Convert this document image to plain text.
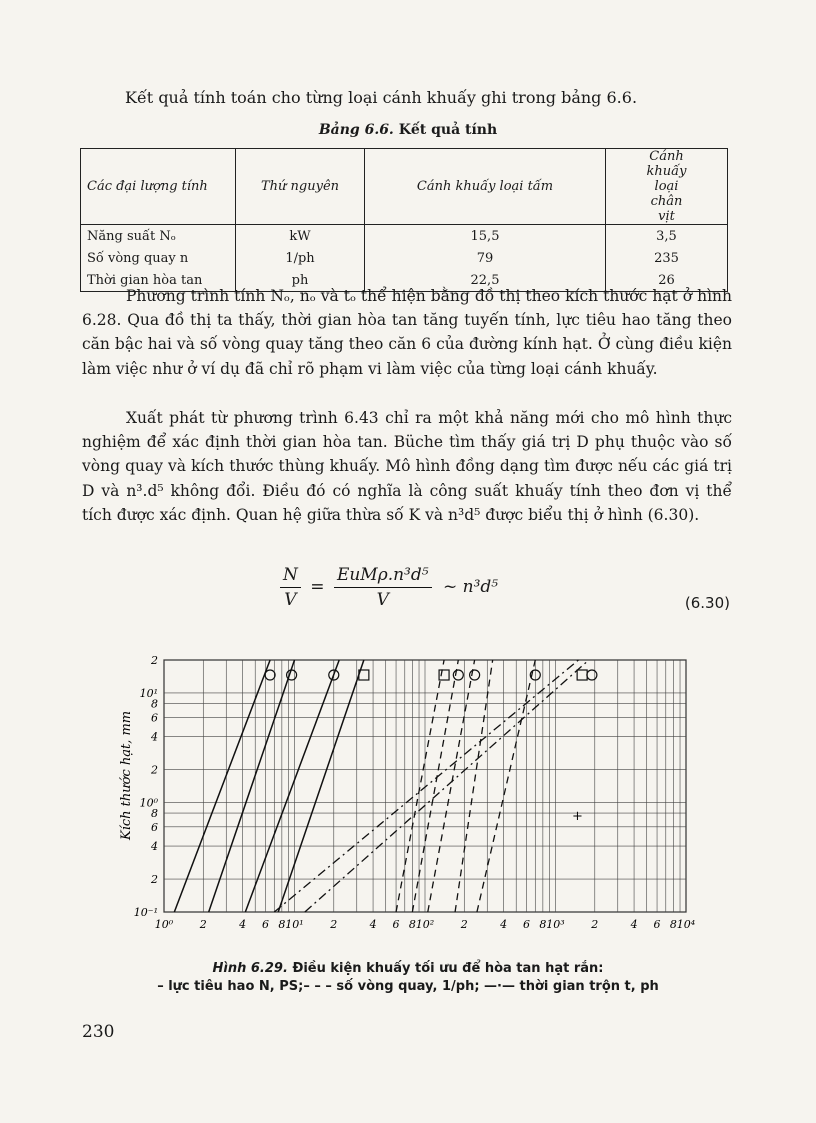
Kết quả tính toán cho từng loại cánh khuấy ghi trong bảng 6.6.
Bảng 6.6. Kết quả tính
Các đại lượng tính	Thứ nguyên	Cánh khuấy loại tấm	Cánh khuấy loại chân vịt
Năng suất Nₒ	kW	15,5	3,5
Số vòng quay n	1/ph	79	235
Thời gian hòa tan	ph	22,5	26

Phương trình tính Nₒ, nₒ và tₒ thể hiện bằng đồ thị theo kích thước hạt ở hình 6.28. Qua đồ thị ta thấy, thời gian hòa tan tăng tuyến tính, lực tiêu hao tăng theo căn bậc hai và số vòng quay tăng theo căn 6 của đường kính hạt. Ở cùng điều kiện làm việc như ở ví dụ đã chỉ rõ phạm vi làm việc của từng loại cánh khuấy.

Xuất phát từ phương trình 6.43 chỉ ra một khả năng mới cho mô hình thực nghiệm để xác định thời gian hòa tan. Büche tìm thấy giá trị D phụ thuộc vào số vòng quay và kích thước thùng khuấy. Mô hình đồng dạng tìm được nếu các giá trị D và n³.d⁵ không đổi. Điều đó có nghĩa là công suất khuấy tính theo đơn vị thể tích được xác định. Quan hệ giữa thừa số K và n³d⁵ được biểu thị ở hình (6.30).

$\frac{N}{V} = \frac{\text{EuMρ.n³d⁵}}{V}$ ~ n³d⁵
(6.30)
10⁰ 2	4 6 8 10¹ 2	4 6 8 10² 2	4 6 8 10³ 2	4 6 8 10⁴
10⁻¹
2
4
6
8
10⁰
2
4
6
8
10¹
2
Kích thước hạt, mm	+
Hình 6.29. Điều kiện khuấy tối ưu để hòa tan hạt rắn:
– lực tiêu hao N, PS;– – – số vòng quay, 1/ph; —·— thời gian trộn t, ph
230
